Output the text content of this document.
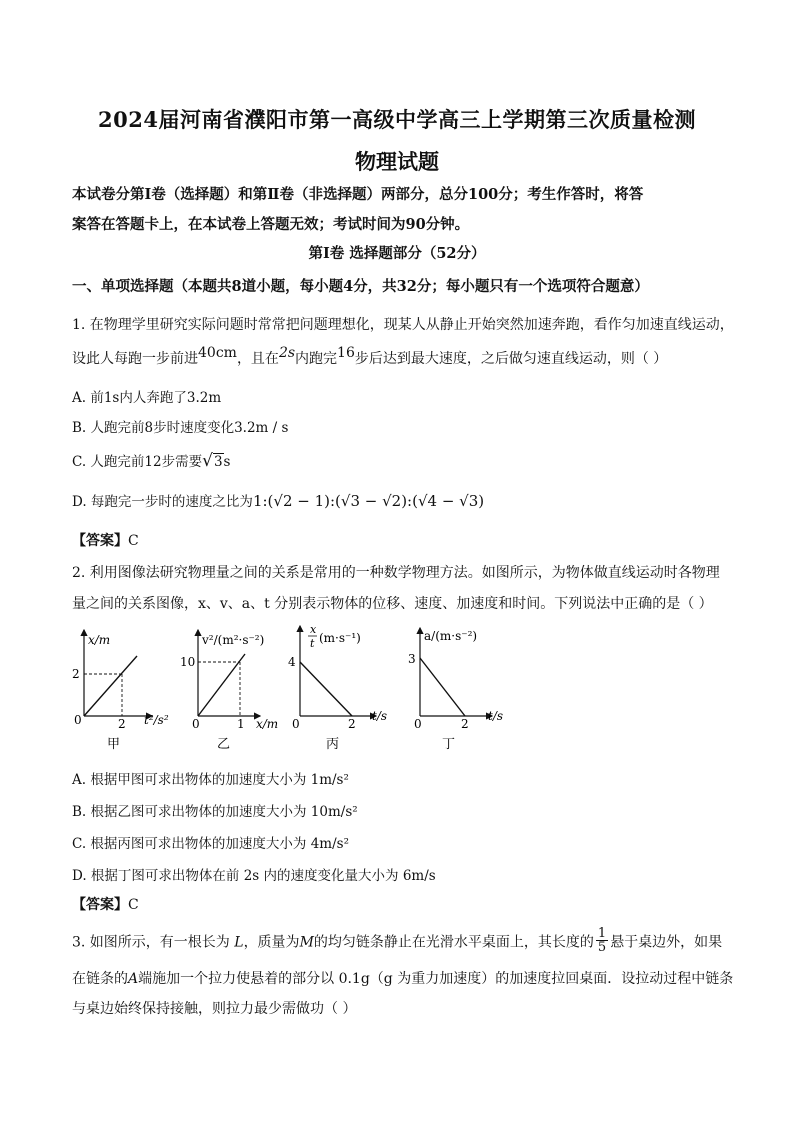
2024届河南省濮阳市第一高级中学高三上学期第三次质量检测
物理试题
本试卷分第Ⅰ卷（选择题）和第Ⅱ卷（非选择题）两部分，总分100分；考生作答时，将答
案答在答题卡上，在本试卷上答题无效；考试时间为90分钟。
第Ⅰ卷 选择题部分（52分）
一、单项选择题（本题共8道小题，每小题4分，共32分；每小题只有一个选项符合题意）
1. 在物理学里研究实际问题时常常把问题理想化，现某人从静止开始突然加速奔跑，看作匀加速直线运动，
设此人每跑一步前进40cm，且在2s内跑完16步后达到最大速度，之后做匀速直线运动，则（ ）
A. 前1s内人奔跑了3.2m
B. 人跑完前8步时速度变化3.2m / s
C. 人跑完前12步需要√3s
D. 每跑完一步时的速度之比为1:(√2 − 1):(√3 − √2):(√4 − √3)
【答案】C
2. 利用图像法研究物理量之间的关系是常用的一种数学物理方法。如图所示，为物体做直线运动时各物理
量之间的关系图像，x、v、a、t 分别表示物体的位移、速度、加速度和时间。下列说法中正确的是（ ）
x/m
2
0	2 t²/s²
甲
v²/(m²·s⁻²)
10
0	1 x/m
乙
x
t (m·s⁻¹)
4
0	2
t/s
丙
a/(m·s⁻²)
3
0	2
t/s
丁
A. 根据甲图可求出物体的加速度大小为 1m/s²
B. 根据乙图可求出物体的加速度大小为 10m/s²
C. 根据丙图可求出物体的加速度大小为 4m/s²
D. 根据丁图可求出物体在前 2s 内的速度变化量大小为 6m/s
【答案】C
3. 如图所示，有一根长为 L，质量为M的均匀链条静止在光滑水平桌面上，其长度的 $\frac{1}{5}$ 悬于桌边外，如果
在链条的A端施加一个拉力使悬着的部分以 0.1g（g 为重力加速度）的加速度拉回桌面．设拉动过程中链条
与桌边始终保持接触，则拉力最少需做功（ ）
